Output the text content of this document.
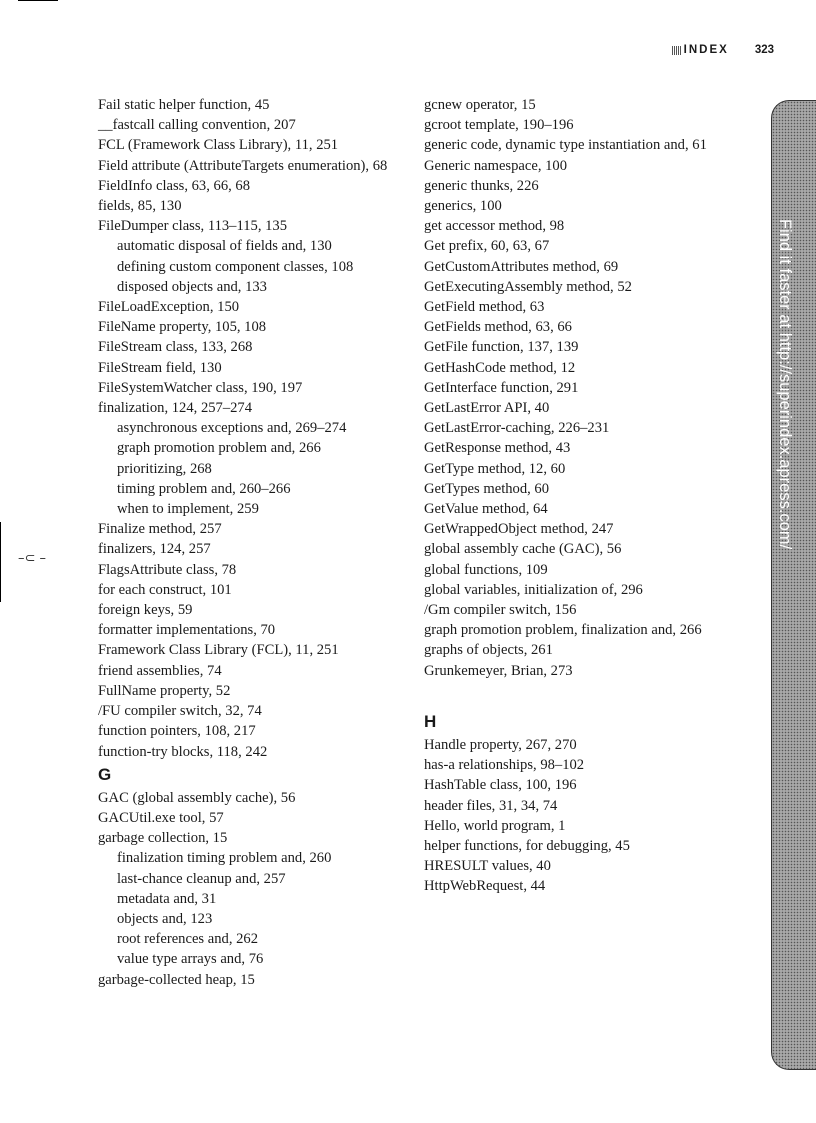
INDEX 323
Fail static helper function, 45
__fastcall calling convention, 207
FCL (Framework Class Library), 11, 251
Field attribute (AttributeTargets enumeration), 68
FieldInfo class, 63, 66, 68
fields, 85, 130
FileDumper class, 113–115, 135
automatic disposal of fields and, 130
defining custom component classes, 108
disposed objects and, 133
FileLoadException, 150
FileName property, 105, 108
FileStream class, 133, 268
FileStream field, 130
FileSystemWatcher class, 190, 197
finalization, 124, 257–274
asynchronous exceptions and, 269–274
graph promotion problem and, 266
prioritizing, 268
timing problem and, 260–266
when to implement, 259
Finalize method, 257
finalizers, 124, 257
FlagsAttribute class, 78
for each construct, 101
foreign keys, 59
formatter implementations, 70
Framework Class Library (FCL), 11, 251
friend assemblies, 74
FullName property, 52
/FU compiler switch, 32, 74
function pointers, 108, 217
function-try blocks, 118, 242
G
GAC (global assembly cache), 56
GACUtil.exe tool, 57
garbage collection, 15
finalization timing problem and, 260
last-chance cleanup and, 257
metadata and, 31
objects and, 123
root references and, 262
value type arrays and, 76
garbage-collected heap, 15
gcnew operator, 15
gcroot template, 190–196
generic code, dynamic type instantiation and, 61
Generic namespace, 100
generic thunks, 226
generics, 100
get accessor method, 98
Get prefix, 60, 63, 67
GetCustomAttributes method, 69
GetExecutingAssembly method, 52
GetField method, 63
GetFields method, 63, 66
GetFile function, 137, 139
GetHashCode method, 12
GetInterface function, 291
GetLastError API, 40
GetLastError-caching, 226–231
GetResponse method, 43
GetType method, 12, 60
GetTypes method, 60
GetValue method, 64
GetWrappedObject method, 247
global assembly cache (GAC), 56
global functions, 109
global variables, initialization of, 296
/Gm compiler switch, 156
graph promotion problem, finalization and, 266
graphs of objects, 261
Grunkemeyer, Brian, 273
H
Handle property, 267, 270
has-a relationships, 98–102
HashTable class, 100, 196
header files, 31, 34, 74
Hello, world program, 1
helper functions, for debugging, 45
HRESULT values, 40
HttpWebRequest, 44
Find it faster at http://superindex.apress.com/
–⊂ –
